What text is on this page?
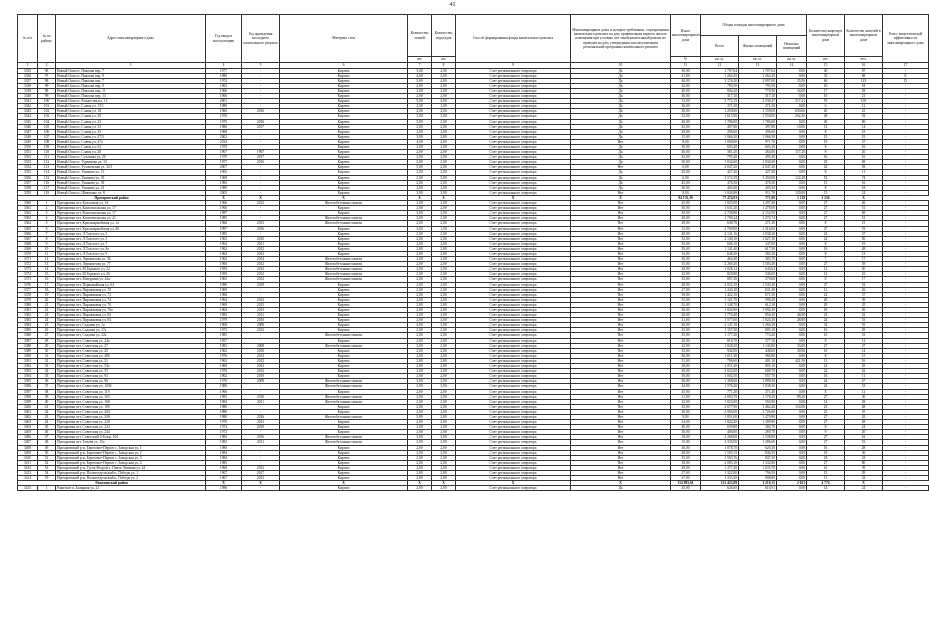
41
№ п/п	№ по району	Адрес многоквартирного дома	Год ввода в эксплуатацию	Год проведения последнего капитального ремонта	Материал стен	Количество этажей	Количество подъездов	Способ формирования фонда капитального ремонта	Многоквартирные дома, в которых требования, о прекращения капитального ремонта на дату приватизации первого жилого помещения при условии, что такой капитальный ремонт не проведен на дату утверждения или актуализации региональной программы капитального ремонта	Износ многоквартирного дома	Общая площадь многоквартирного дома			Количество квартир в многоквартирном доме	Количество жителей в многоквартирном доме	Класс энергетической эффективности многоквартирного дома
											Всего	Жилых помещений	Нежилых помещений			
						шт.	шт.			%	кв. м.	кв. м.	кв. м.	шт.	чел.	
1	2	3	4	5	6	7	8	9	10	11	12	13	14	15	16	17
3335	96	Новый Оскол г, Павлова пер, 7	1977	-	Кирпич	3,00	2,00	Счет регионального оператора	Да	30,00	1 707,64	1 707,64	0,00	40	87	-
3336	97	Новый Оскол г, Павлова пер, 9	1980	-	Кирпич	4,00	2,00	Счет регионального оператора	Да	41,00	1 262,45	1 262,45	0,00	35	68	Е
3337	98	Новый Оскол г, Павлова пер, 7	1974	-	Кирпич	5,00	4,00	Счет регионального оператора	Да	40,00	3 176,20	2 997,00	35,50	66	123	D
3338	99	Новый Оскол г, Павлова пер, 9	1965	-	Кирпич	2,00	2,00	Счет регионального оператора	Да	22,00	793,50	793,50	0,00	16	18	-
3339	98	Новый Оскол г, Павлова пер, 11	1966	-	Кирпич	2,00	2,00	Счет регионального оператора	Да	40,00	804,20	770,50	34,00	17	28	-
3340	99	Новый Оскол г, Павлова пер, 13	1966	-	Кирпич	2,00	2,00	Счет регионального оператора	Да	40,00	317,10	317,10	0,00	10	21	-
3341	100	Новый Оскол г, Рождества пл, 12	2001	-	Кирпич	5,00	4,00	Счет регионального оператора	Да	13,00	3 772,15	3 238,47	317,41	55	105	-
3342	101	Новый Оскол г, Славы ул, 13/1	1980	-	Кирпич	2,00	1,00	Счет регионального оператора	Да	36,00	371,30	371,30	0,00	6	12	-
3343	102	Новый Оскол г, Славы ул, 18	1960	2016	Кирпич	4,00	2,00	Счет регионального оператора	Да	30,00	1 259,60	1 159,00	650,60	20	41	-
3344	103	Новый Оскол г, Славы ул, 20	1970	-	Кирпич	3,00	3,00	Счет регионального оператора	Да	52,00	1 615,90	1 559,00	262,20	48	92	-
3345	104	Новый Оскол г, Славы ул, 22	1970	2016	Кирпич	5,00	2,00	Счет регионального оператора	Да	40,00	1 786,00	1 786,00	0,00	40	86	-
3346	105	Новый Оскол г, Славы ул, 33	1980	2017	Кирпич	2,00	2,00	Счет регионального оператора	Да	43,00	407,80	397,80	10,00	12	14	-
3347	106	Новый Оскол г, Славы ул, 45	1968	-	Кирпич	2,00	2,00	Счет регионального оператора	Да	29,00	296,60	296,60	0,00	8	18	-
3348	107	Новый Оскол г, Славы ул, 47/3	2002	-	Кирпич	3,00	3,00	Счет регионального оператора	Да	15,00	1 066,30	1 066,30	0,00	15	19	-
3349	108	Новый Оскол г, Славы ул, 47а	2014	-	Кирпич	4,00	2,00	Счет регионального оператора	Нет	8,00	1 000,80	971,70	0,00	19	37	-
3350	109	Новый Оскол г, Славы ул, 63	1970	-	Кирпич	2,00	2,00	Счет регионального оператора	Да	30,00	603,20	603,20	0,00	8	16	-
3351	110	Новый Оскол г, Славы ул, 28	1967	1967	Кирпич	2,00	2,00	Счет регионального оператора	Да	46,00	381,20	264,00	117,20	8	20	-
3352	111	Новый Оскол г, Суханова ул, 26	1970	2017	Кирпич	2,00	2,00	Счет регионального оператора	Да	42,00	795,40	495,40	0,00	16	16	-
3353	112	Новый Оскол г, Туркенева ул, 10	1977	2016	Кирпич	3,00	2,00	Счет регионального оператора	Да	30,00	1 034,60	1 034,60	0,00	29	68	-
3354	113	Новый Оскол г, Тухачевская ул, 32/1	2007	-	Кирпич	5,00	2,00	Счет регионального оператора	Нет	6,00	2 047,20	2 047,20	0,00	42	83	-
3355	114	Новый Оскол г, Ушакова ул, 13	1965	-	Кирпич	2,00	2,00	Счет регионального оператора	Да	20,00	427,40	427,40	0,00	8	11	-
3356	115	Новый Оскол г, Ушакова ул, 35	1969	-	Кирпич	2,00	5,00	Счет регионального оператора	Да	6,00	3 572,39	3 450,00	122,40	52	74	-
3357	116	Новый Оскол г, Ушакова ул, 39	1983	-	Кирпич	2,00	2,00	Счет регионального оператора	Да	45,00	476,50	476,50	0,00	13	16	-
3358	117	Новый Оскол г, Ушакова ул, 41	1980	-	Кирпич	2,00	2,00	Счет регионального оператора	Да	30,00	403,30	403,30	0,00	8	18	-
3359	118	Новый Оскол г, Шевченко ул, 8	2005	-	Кирпич	3,00	3,00	Счет регионального оператора	Нет	8,00	1 044,80	911,70	120,00	15	24	-
Прохоровский район			X	X	X	X	X	X	X	84 176,30	77 474,93	771,80	1 118	2 256	X	
3360	1	Прохоровка пгт, Колхозная ул, 14	1966	2012	Железобетонные панели	2,00	2,00	Счет регионального оператора	Нет	25,00	1 825,00	1 297,40	0,00	27	46	-
3361	2	Прохоровка пгт, Комсомольская ул, 17	1960	-	Кирпич	2,00	2,00	Счет регионального оператора	Нет	30,00	1 631,20	1 278,00	0,00	27	51	-
3362	3	Прохоровка пгт, Комсомольская ул, 17	1987	-	Кирпич	3,00	2,00	Счет регионального оператора	Нет	30,00	2 738,80	2 152,50	0,00	27	69	-
3363	4	Прохоровка пгт, Комсомольская ул, 21	1985	-	Железобетонные панели	3,00	2,00	Счет регионального оператора	Нет	28,00	1 700,24	1 276,74	0,00	27	51	-
3364	5	Прохоровка пгт, Красноармейская ул, 1а	1966	2013	Железобетонные панели	2,00	2,00	Счет регионального оператора	Нет	28,00	638,70	271,30	0,00	8	15	-
3365	6	Прохоровка пгт, Красноармейская ул, 46	1997	2016	Кирпич	3,00	1,00	Счет регионального оператора	Нет	15,00	2 769,00	1 316,00	0,00	27	53	-
3366	7	Прохоровка пгт, Л.Толстого ул, 3	1985	-	Кирпич	2,00	2,00	Счет регионального оператора	Нет	48,00	2 141,16	1 038,20	0,00	24	37	-
3367	8	Прохоровка пгт, Л.Толстого ул, 5	1963	2010	Кирпич	2,00	2,00	Счет регионального оператора	Нет	32,00	2 140,10	1 027,30	0,00	24	50	-
3368	9	Прохоровка пгт, Л.Толстого ул, 7	1964	2011	Кирпич	2,00	2,00	Счет регионального оператора	Нет	35,00	606,10	347,00	0,00	8	19	-
3369	10	Прохоровка пгт, Л.Толстого ул, 8а	1962	2012	Кирпич	2,00	2,00	Счет регионального оператора	Нет	29,00	1 141,40	617,50	0,00	16	48	-
3370	11	Прохоровка пгт, Л.Толстого ул, 9	1962	2012	Кирпич	2,00	2,00	Счет регионального оператора	Нет	34,00	648,20	382,20	0,00	8	13	-
3371	12	Прохоровка пгт, Лермонтова ул, 36	1962	2014	Железобетонные панели	2,00	2,00	Счет регионального оператора	Нет	28,00	464,40	383,70	0,00	7	17	-
3372	13	Прохоровка пгт, Лермонтова ул, 77	1966	2012	Железобетонные панели	2,00	2,00	Счет регионального оператора	Нет	15,00	2 269,20	1 503,40	0,00	27	49	-
3373	14	Прохоровка пгт, М.Горького ул, 22	1959	2012	Железобетонные панели	2,00	2,00	Счет регионального оператора	Нет	20,00	1 028,12	643,62	0,00	12	30	-
3374	15	Прохоровка пгт, М.Горького ул, 26	1959	2012	Железобетонные панели	2,00	2,00	Счет регионального оператора	Нет	22,00	820,80	546,00	0,00	12	25	-
3375	16	Прохоровка пгт, Мичурина ул, 44а	1965	2012	Железобетонные панели	2,00	2,00	Счет регионального оператора	Нет	33,00	807,30	579,60	0,00	8	17	-
3376	17	Прохоровка пгт, Первомайская ул, 64	1986	2019	Кирпич	2,00	2,00	Счет регионального оператора	Нет	28,00	2 022,10	1 545,40	0,00	27	52	-
3377	18	Прохоровка пгт, Пирожковая ул, 70	1969	-	Кирпич	2,00	2,00	Счет регионального оператора	Нет	27,00	1 243,10	631,40	0,00	12	26	-
3378	19	Прохоровка пгт, Пирожковая ул, 72	1968	-	Кирпич	2,00	2,00	Счет регионального оператора	Нет	39,00	1 422,10	671,50	0,00	22	37	-
3379	20	Прохоровка пгт, Пирожковая ул, 74	1964	2012	Кирпич	2,00	2,00	Счет регионального оператора	Нет	55,00	1 121,70	590,20	0,00	20	39	-
3380	21	Прохоровка пгт, Пирожковая ул, 76	1969	2013	Кирпич	2,00	2,00	Счет регионального оператора	Нет	52,00	1 148,70	612,10	0,00	20	35	-
3381	22	Прохоровка пгт, Пирожковая ул, 76а	1962	2013	Кирпич	2,00	2,00	Счет регионального оператора	Нет	30,00	1 824,90	1 092,20	0,00	18	56	-
3382	23	Прохоровка пгт, Пирожковая ул, 82	1985	2011	Кирпич	2,00	2,00	Счет регионального оператора	Нет	28,00	1 776,40	856,20	46,00	23	32	-
3383	24	Прохоровка пгт, Пирожковая ул, 84	1979	2010	Кирпич	2,00	3,00	Счет регионального оператора	Нет	21,00	1 577,60	1 024,30	28,80	24	53	-
3384	25	Прохоровка пгт, Садовая ул, 1а	1968	2008	Кирпич	4,00	3,00	Счет регионального оператора	Нет	40,00	2 147,10	1 266,20	0,00	32	55	-
3385	26	Прохоровка пгт, Садовая ул, 17а	1973	2012	Кирпич	2,00	2,00	Счет регионального оператора	Нет	25,00	1 157,50	693,10	0,00	16	29	-
3386	27	Прохоровка пгт, Садовая ул, 22а	1985	-	Железобетонные панели	2,00	2,00	Счет регионального оператора	Нет	35,00	1 177,20	774,20	0,00	16	31	-
3387	28	Прохоровка пгт, Советская ул, 24а	1957	-	Кирпич	2,00	2,00	Счет регионального оператора	Нет	20,00	816,70	377,10	0,00	8	12	-
3388	29	Прохоровка пгт, Советская ул, 27	1983	2008	Железобетонные панели	3,00	2,00	Счет регионального оператора	Нет	22,00	1 828,20	1 143,80	33,00	27	47	-
3389	30	Прохоровка пгт, Советская ул, 45	1962	2010	Кирпич	2,00	2,00	Счет регионального оператора	Нет	35,00	942,00	448,60	30,90	16	14	-
3390	31	Прохоровка пгт, Советская ул, 48б	1976	2012	Кирпич	2,00	2,00	Счет регионального оператора	Нет	30,00	1 011,30	584,80	0,00	8	15	-
3391	32	Прохоровка пгт, Советская ул, 51	1962	2012	Кирпич	2,00	2,00	Счет регионального оператора	Нет	31,00	796,60	401,10	421,50	11	16	-
3392	33	Прохоровка пгт, Советская ул, 53а	1960	2012	Кирпич	2,00	2,00	Счет регионального оператора	Нет	28,00	2 011,20	905,10	0,00	22	45	-
3393	34	Прохоровка пгт, Советская ул, 55	1976	2012	Кирпич	2,00	2,00	Счет регионального оператора	Нет	29,00	2 022,60	608,70	0,00	22	42	-
3394	35	Прохоровка пгт, Советская ул, 93	1962	2019	Кирпич	2,00	2,00	Счет регионального оператора	Нет	39,00	1 002,50	557,70	0,00	16	11	-
3395	36	Прохоровка пгт, Советская ул, 96	1970	2008	Железобетонные панели	3,00	2,00	Счет регионального оператора	Нет	36,00	1 368,60	1 088,30	0,00	24	47	-
3396	37	Прохоровка пгт, Советская ул, 103б	1980	-	Железобетонные панели	2,00	3,00	Счет регионального оператора	Нет	24,00	1 576,20	1 038,30	0,00	24	33	-
3397	38	Прохоровка пгт, Советская ул, 119	1966	-	Кирпич	2,00	2,00	Счет регионального оператора	Нет	45,00	771,20	371,40	0,00	8	12	-
3398	39	Прохоровка пгт, Советская ул, 163	1985	2010	Железобетонные панели	2,00	2,00	Счет регионального оператора	Нет	21,00	2 003,70	1 178,20	89,20	27	36	-
3399	40	Прохоровка пгт, Советская ул, 168	1984	2011	Железобетонные панели	2,00	2,00	Счет регионального оператора	Нет	22,00	1 023,00	550,90	0,00	14	28	-
3400	41	Прохоровка пгт, Советская ул, 180	1980	-	Кирпич	2,00	2,00	Счет регионального оператора	Нет	25,00	2 677,90	1 462,40	114,00	23	48	-
3401	42	Прохоровка пгт, Советская ул, 204	1986	-	Кирпич	2,00	2,00	Счет регионального оператора	Нет	28,00	2 994,00	1 726,60	0,00	25	55	-
3402	43	Прохоровка пгт, Советская ул, 208	1980	2016	Железобетонные панели	5,00	2,00	Счет регионального оператора	Нет	9,00	1 851,00	1 470,80	0,00	27	42	-
3403	44	Прохоровка пгт, Советская ул, 220	1970	2011	Кирпич	2,00	3,00	Счет регионального оператора	Нет	24,00	1 824,20	1 189,90	0,00	27	48	-
3404	45	Прохоровка пгт, Советская ул, 224	1974	2019	Кирпич	2,00	2,00	Счет регионального оператора	Нет	40,00	639,80	384,70	0,00	8	24	-
3405	46	Прохоровка пгт, Советская ул, 244	1972	-	Кирпич	2,00	2,00	Счет регионального оператора	Нет	30,00	406,80	269,70	0,00	9	20	-
3406	47	Прохоровка пгт, Советский 2-й пер, 1б4	1982	2016	Железобетонные панели	3,00	3,00	Счет регионального оператора	Нет	18,00	2 268,00	1 338,80	0,00	27	62	-
3407	48	Прохоровка пгт, Титова ул, 15а	1982	2011	Железобетонные панели	2,00	2,00	Счет регионального оператора	Нет	15,00	2 335,00	1 286,60	0,00	27	53	-
3408	49	Прохоровский р-н, Береговое-Первое с, Заводская ул, 1	1980	-	Кирпич	2,00	2,00	Счет регионального оператора	Нет	30,00	1 078,70	620,30	0,00	16	28	-
3409	50	Прохоровский р-н, Береговое-Первое с, Заводская ул, 2	1984	-	Кирпич	2,00	2,00	Счет регионального оператора	Нет	28,00	1 503,15	844,55	0,00	18	36	-
3410	51	Прохоровский р-н, Береговое-Первое с, Заводская ул, 3	1984	-	Кирпич	2,00	2,00	Счет регионального оператора	Нет	35,00	1 503,76	847,30	0,00	18	33	-
3411	52	Прохоровский р-н, Береговое-Первое с, Заводская ул, 4	1985	-	Кирпич	2,00	2,00	Счет регионального оператора	Нет	18,00	2 083,10	1 332,80	0,00	27	80	-
3412	53	Прохоровский р-н, Гусек-Второй х, Павла Литвина ул, 24	1968	2012	Кирпич	2,00	2,00	Счет регионального оператора	Нет	29,00	1 277,20	1 035,70	0,00	16	39	-
3413	54	Прохоровский р-н, Политотдельский п, Победы ул, 1	1967	2017	Кирпич	2,00	2,00	Счет регионального оператора	Нет	27,00	1 322,80	796,50	0,00	15	39	-
3414	55	Прохоровский р-н, Политотдельский п, Победы ул, 2	1967	2012	Кирпич	2,00	2,00	Счет регионального оператора	Нет	27,00	1 333,50	808,80	0,00	15	32	-
Ракитянский район			X	X	X	X	X	X	X	154 983,61	121 425,89	1 210,15	2 021	4 774	X	
3415	1	Ракитное п, Базарная ул, 21	1986	-	Кирпич	2,00	2,00	Счет регионального оператора	Да	45,00	626,00	616,91	0,00	14	24	-
